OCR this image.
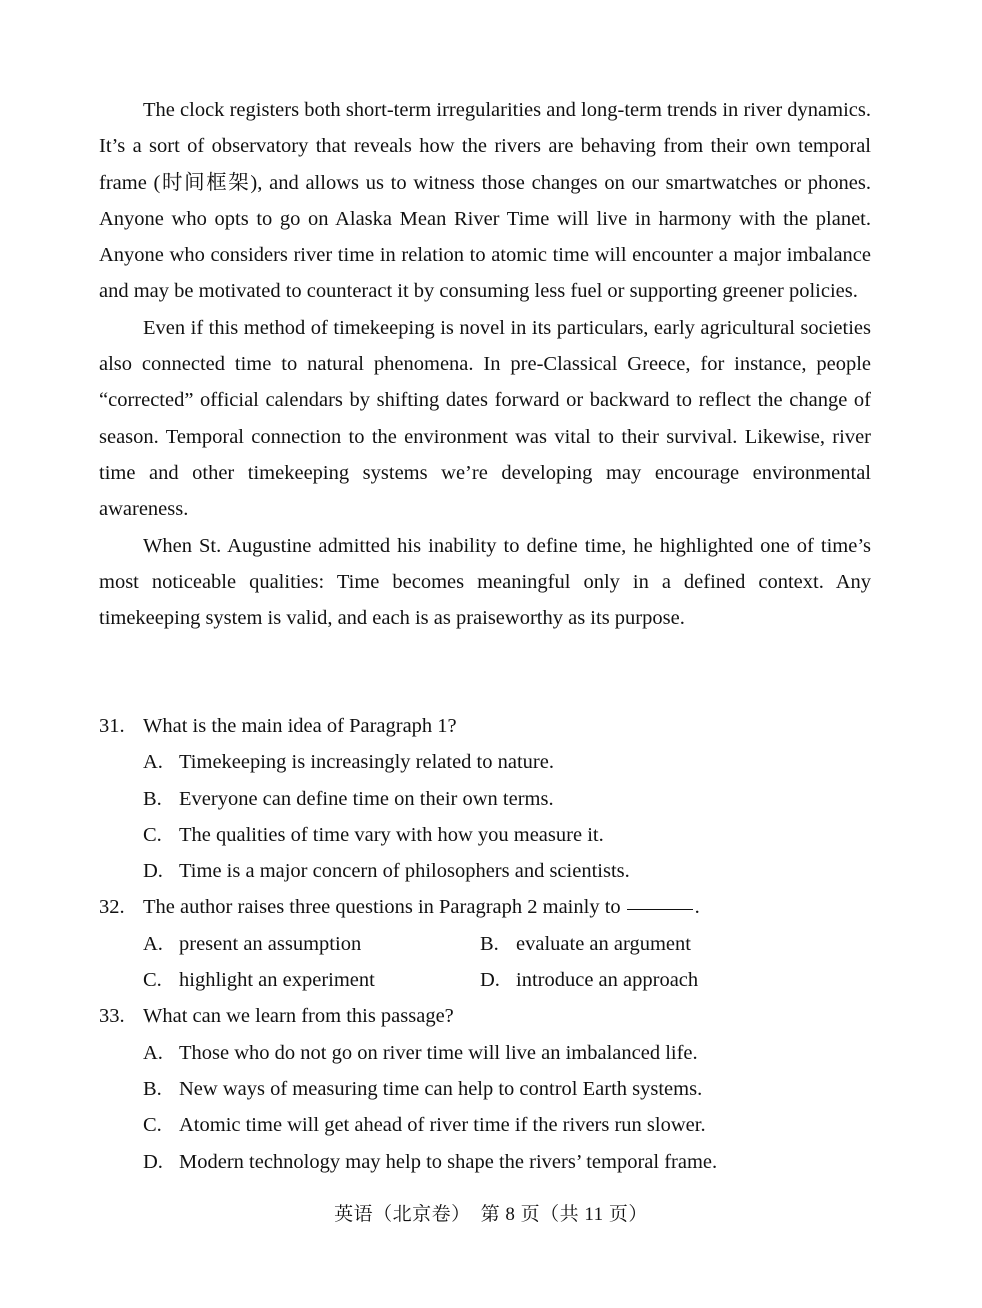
The clock registers both short-term irregularities and long-term trends in river dynamics. It’s a sort of observatory that reveals how the rivers are behaving from their own temporal frame (时间框架), and allows us to witness those changes on our smartwatches or phones. Anyone who opts to go on Alaska Mean River Time will live in harmony with the planet. Anyone who considers river time in relation to atomic time will encounter a major imbalance and may be motivated to counteract it by consuming less fuel or supporting greener policies.

Even if this method of timekeeping is novel in its particulars, early agricultural societies also connected time to natural phenomena. In pre-Classical Greece, for instance, people “corrected” official calendars by shifting dates forward or backward to reflect the change of season. Temporal connection to the environment was vital to their survival. Likewise, river time and other timekeeping systems we’re developing may encourage environmental awareness.

When St. Augustine admitted his inability to define time, he highlighted one of time’s most noticeable qualities: Time becomes meaningful only in a defined context. Any timekeeping system is valid, and each is as praiseworthy as its purpose.

31. What is the main idea of Paragraph 1?
A. Timekeeping is increasingly related to nature.
B. Everyone can define time on their own terms.
C. The qualities of time vary with how you measure it.
D. Time is a major concern of philosophers and scientists.
32. The author raises three questions in Paragraph 2 mainly to	.
A. present an assumption	B. evaluate an argument
C. highlight an experiment	D. introduce an approach
33. What can we learn from this passage?
A. Those who do not go on river time will live an imbalanced life.
B. New ways of measuring time can help to control Earth systems.
C. Atomic time will get ahead of river time if the rivers run slower.
D. Modern technology may help to shape the rivers’ temporal frame.
英语（北京卷）　第 8 页（共 11 页）
